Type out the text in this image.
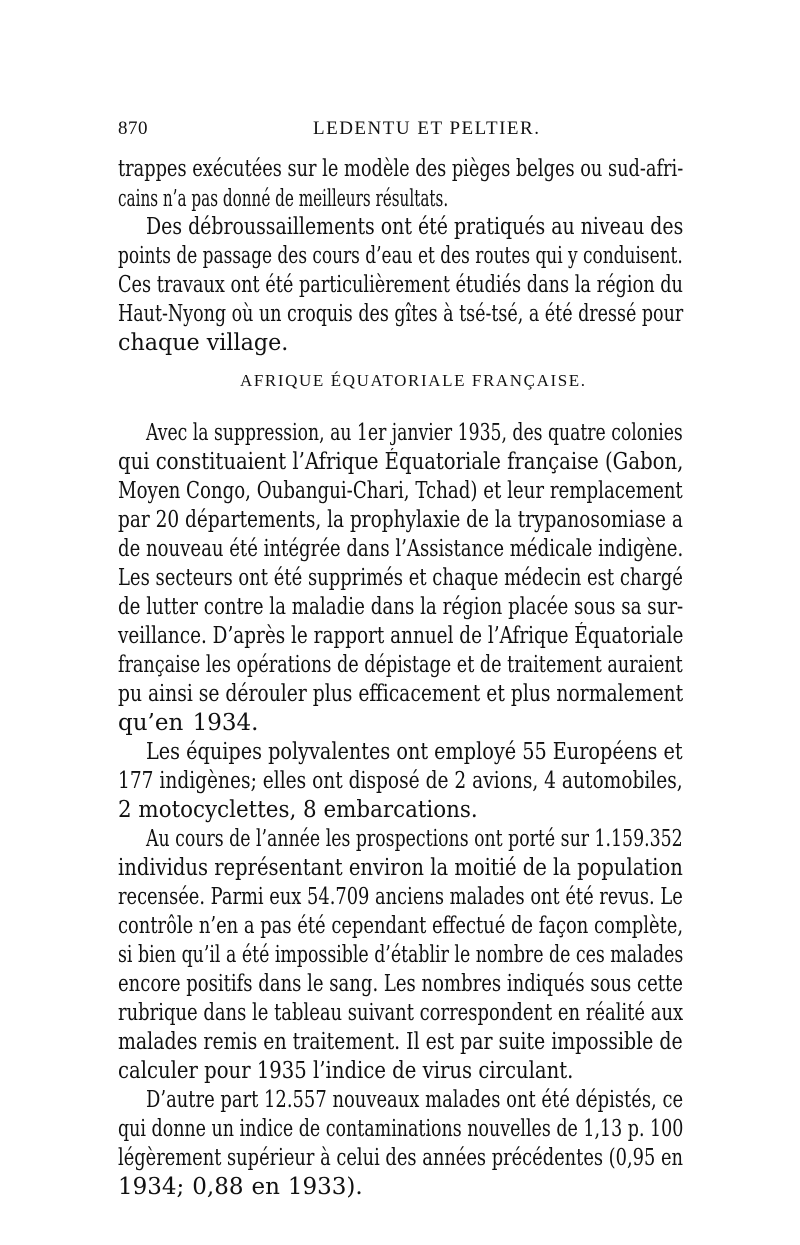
870	LEDENTU ET PELTIER.
trappes exécutées sur le modèle des pièges belges ou sud-afri-
cains n’a pas donné de meilleurs résultats.
Des débroussaillements ont été pratiqués au niveau des
points de passage des cours d’eau et des routes qui y conduisent.
Ces travaux ont été particulièrement étudiés dans la région du
Haut-Nyong où un croquis des gîtes à tsé-tsé, a été dressé pour
chaque village.
AFRIQUE ÉQUATORIALE FRANÇAISE.
Avec la suppression, au 1er janvier 1935, des quatre colonies
qui constituaient l’Afrique Équatoriale française (Gabon,
Moyen Congo, Oubangui-Chari, Tchad) et leur remplacement
par 20 départements, la prophylaxie de la trypanosomiase a
de nouveau été intégrée dans l’Assistance médicale indigène.
Les secteurs ont été supprimés et chaque médecin est chargé
de lutter contre la maladie dans la région placée sous sa sur-
veillance. D’après le rapport annuel de l’Afrique Équatoriale
française les opérations de dépistage et de traitement auraient
pu ainsi se dérouler plus efficacement et plus normalement
qu’en 1934.
Les équipes polyvalentes ont employé 55 Européens et
177 indigènes; elles ont disposé de 2 avions, 4 automobiles,
2 motocyclettes, 8 embarcations.
Au cours de l’année les prospections ont porté sur 1.159.352
individus représentant environ la moitié de la population
recensée. Parmi eux 54.709 anciens malades ont été revus. Le
contrôle n’en a pas été cependant effectué de façon complète,
si bien qu’il a été impossible d’établir le nombre de ces malades
encore positifs dans le sang. Les nombres indiqués sous cette
rubrique dans le tableau suivant correspondent en réalité aux
malades remis en traitement. Il est par suite impossible de
calculer pour 1935 l’indice de virus circulant.
D’autre part 12.557 nouveaux malades ont été dépistés, ce
qui donne un indice de contaminations nouvelles de 1,13 p. 100
légèrement supérieur à celui des années précédentes (0,95 en
1934; 0,88 en 1933).
